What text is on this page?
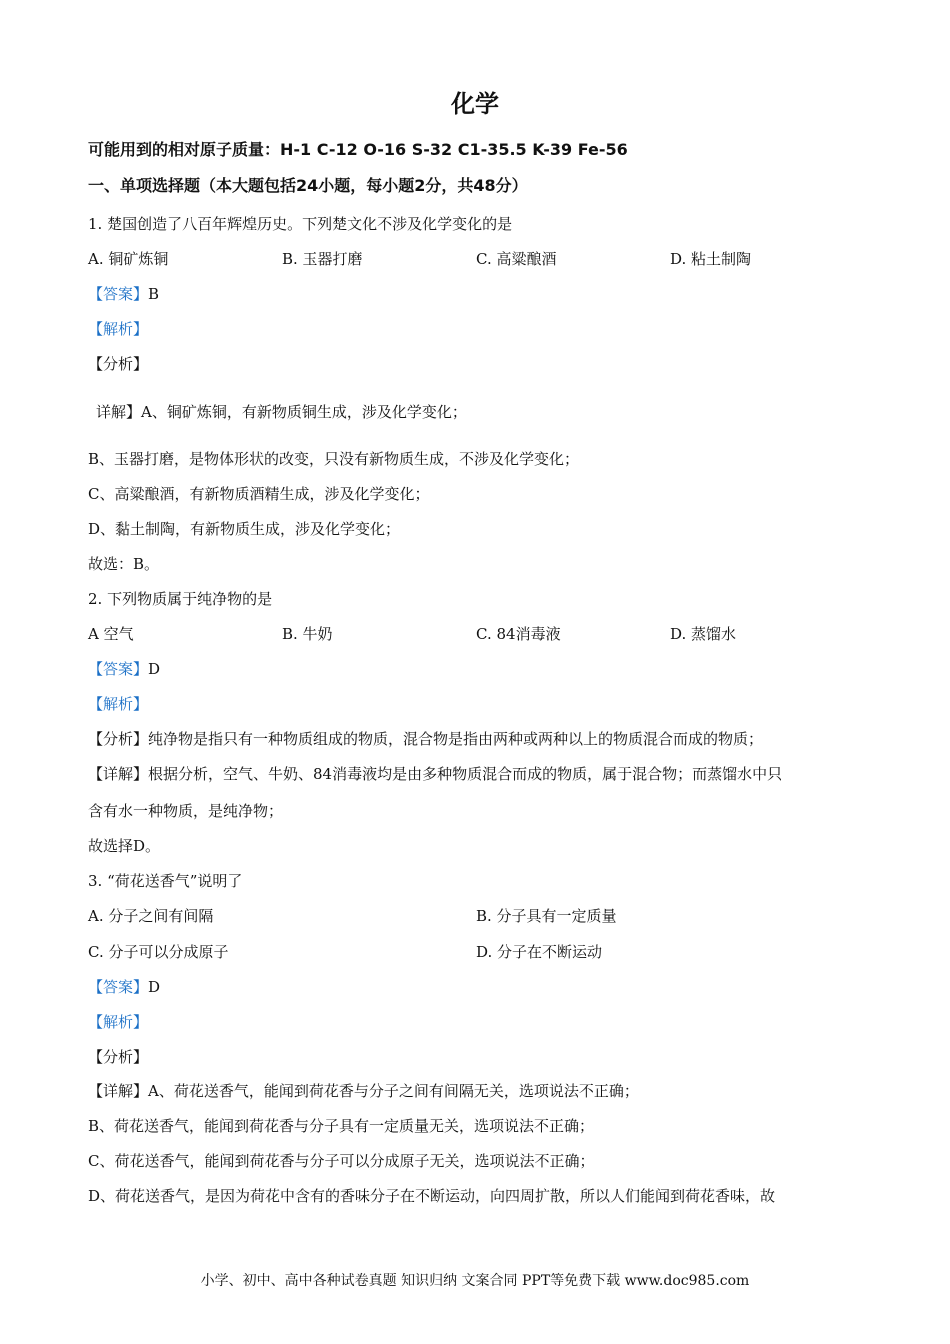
化学
可能用到的相对原子质量：H-1 C-12 O-16 S-32 C1-35.5 K-39 Fe-56
一、单项选择题（本大题包括24小题，每小题2分，共48分）
1. 楚国创造了八百年辉煌历史。下列楚文化不涉及化学变化的是
A. 铜矿炼铜	B. 玉器打磨	C. 高粱酿酒	D. 粘土制陶
【答案】B
【解析】
【分析】
详解】A、铜矿炼铜，有新物质铜生成，涉及化学变化；
B、玉器打磨，是物体形状的改变，只没有新物质生成，不涉及化学变化；
C、高粱酿酒，有新物质酒精生成，涉及化学变化；
D、黏土制陶，有新物质生成，涉及化学变化；
故选：B。
2. 下列物质属于纯净物的是
A 空气	B. 牛奶	C. 84消毒液	D. 蒸馏水
【答案】D
【解析】
【分析】纯净物是指只有一种物质组成的物质，混合物是指由两种或两种以上的物质混合而成的物质；
【详解】根据分析，空气、牛奶、84消毒液均是由多种物质混合而成的物质，属于混合物；而蒸馏水中只
含有水一种物质，是纯净物；
故选择D。
3. “荷花送香气”说明了
A. 分子之间有间隔	B. 分子具有一定质量
C. 分子可以分成原子	D. 分子在不断运动
【答案】D
【解析】
【分析】
【详解】A、荷花送香气，能闻到荷花香与分子之间有间隔无关，选项说法不正确；
B、荷花送香气，能闻到荷花香与分子具有一定质量无关，选项说法不正确；
C、荷花送香气，能闻到荷花香与分子可以分成原子无关，选项说法不正确；
D、荷花送香气，是因为荷花中含有的香味分子在不断运动，向四周扩散，所以人们能闻到荷花香味，故
小学、初中、高中各种试卷真题 知识归纳 文案合同 PPT等免费下载 www.doc985.com
